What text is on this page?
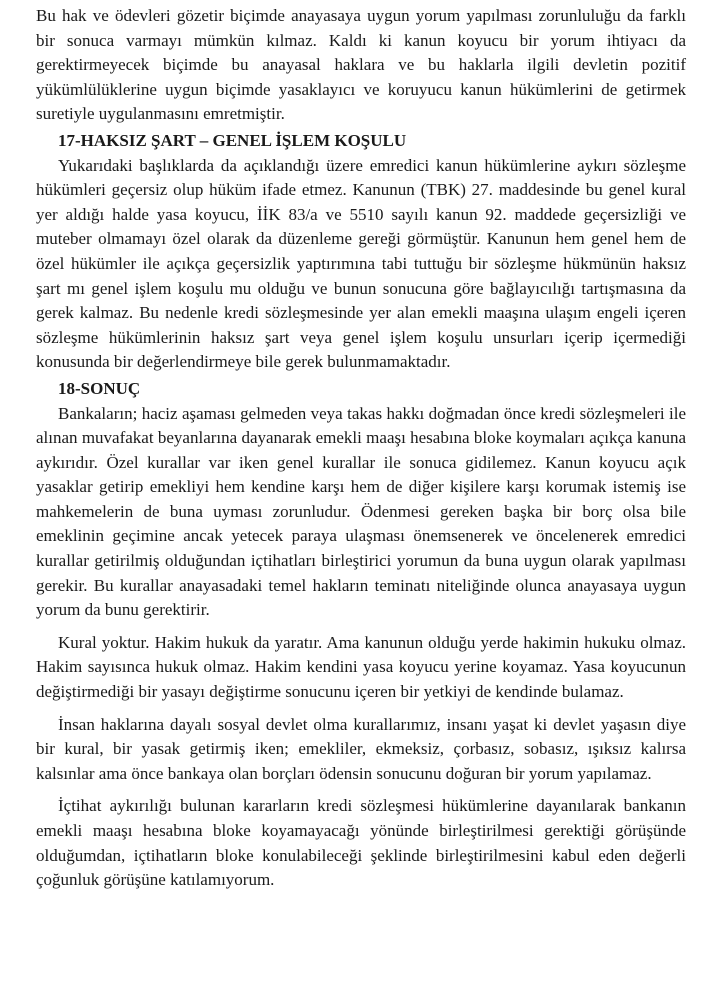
Bu hak ve ödevleri gözetir biçimde anayasaya uygun yorum yapılması zorunluluğu da farklı bir sonuca varmayı mümkün kılmaz. Kaldı ki kanun koyucu bir yorum ihtiyacı da gerektirmeyecek biçimde bu anayasal haklara ve bu haklarla ilgili devletin pozitif yükümlülüklerine uygun biçimde yasaklayıcı ve koruyucu kanun hükümlerini de getirmek suretiyle uygulanmasını emretmiştir.

17-HAKSIZ ŞART – GENEL İŞLEM KOŞULU

Yukarıdaki başlıklarda da açıklandığı üzere emredici kanun hükümlerine aykırı sözleşme hükümleri geçersiz olup hüküm ifade etmez. Kanunun (TBK) 27. maddesinde bu genel kural yer aldığı halde yasa koyucu, İİK 83/a ve 5510 sayılı kanun 92. maddede geçersizliği ve muteber olmamayı özel olarak da düzenleme gereği görmüştür. Kanunun hem genel hem de özel hükümler ile açıkça geçersizlik yaptırımına tabi tuttuğu bir sözleşme hükmünün haksız şart mı genel işlem koşulu mu olduğu ve bunun sonucuna göre bağlayıcılığı tartışmasına da gerek kalmaz. Bu nedenle kredi sözleşmesinde yer alan emekli maaşına ulaşım engeli içeren sözleşme hükümlerinin haksız şart veya genel işlem koşulu unsurları içerip içermediği konusunda bir değerlendirmeye bile gerek bulunmamaktadır.

18-SONUÇ

Bankaların; haciz aşaması gelmeden veya takas hakkı doğmadan önce kredi sözleşmeleri ile alınan muvafakat beyanlarına dayanarak emekli maaşı hesabına bloke koymaları açıkça kanuna aykırıdır. Özel kurallar var iken genel kurallar ile sonuca gidilemez. Kanun koyucu açık yasaklar getirip emekliyi hem kendine karşı hem de diğer kişilere karşı korumak istemiş ise mahkemelerin de buna uyması zorunludur. Ödenmesi gereken başka bir borç olsa bile emeklinin geçimine ancak yetecek paraya ulaşması önemsenerek ve öncelenerek emredici kurallar getirilmiş olduğundan içtihatları birleştirici yorumun da buna uygun olarak yapılması gerekir. Bu kurallar anayasadaki temel hakların teminatı niteliğinde olunca anayasaya uygun yorum da bunu gerektirir.

Kural yoktur. Hakim hukuk da yaratır. Ama kanunun olduğu yerde hakimin hukuku olmaz. Hakim sayısınca hukuk olmaz. Hakim kendini yasa koyucu yerine koyamaz. Yasa koyucunun değiştirmediği bir yasayı değiştirme sonucunu içeren bir yetkiyi de kendinde bulamaz.

İnsan haklarına dayalı sosyal devlet olma kurallarımız, insanı yaşat ki devlet yaşasın diye bir kural, bir yasak getirmiş iken; emekliler, ekmeksiz, çorbasız, sobasız, ışıksız kalırsa kalsınlar ama önce bankaya olan borçları ödensin sonucunu doğuran bir yorum yapılamaz.

İçtihat aykırılığı bulunan kararların kredi sözleşmesi hükümlerine dayanılarak bankanın emekli maaşı hesabına bloke koyamayacağı yönünde birleştirilmesi gerektiği görüşünde olduğumdan, içtihatların bloke konulabileceği şeklinde birleştirilmesini kabul eden değerli çoğunluk görüşüne katılamıyorum.
